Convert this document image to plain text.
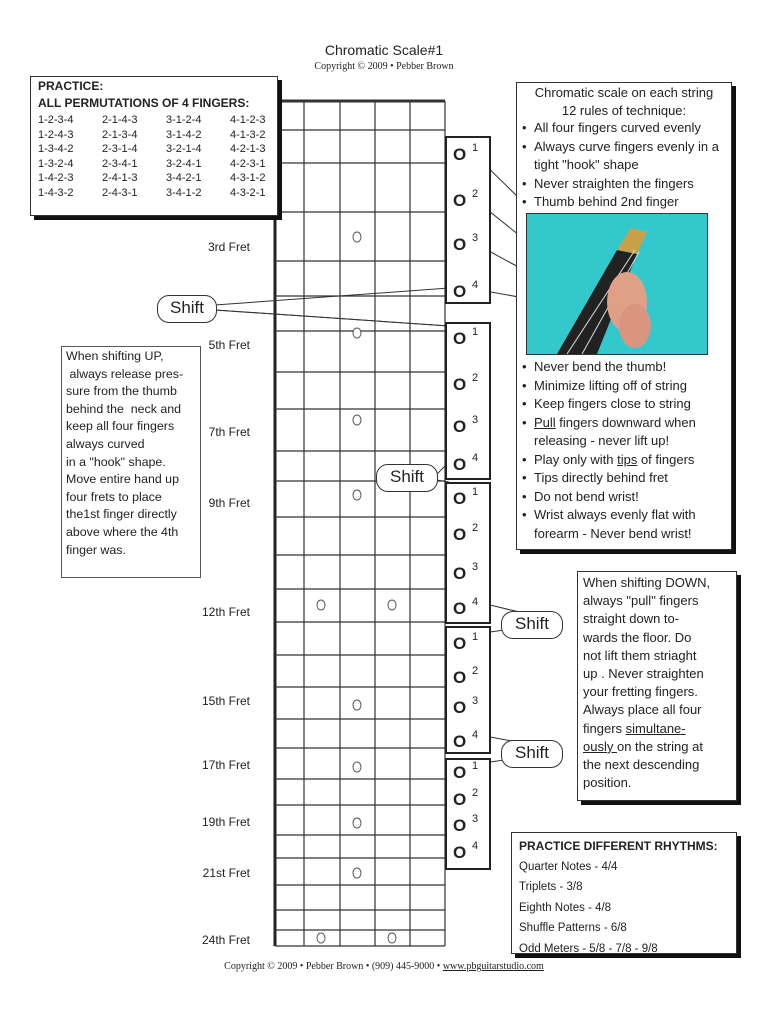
Chromatic Scale#1
Copyright © 2009 • Pebber Brown
3rd Fret
5th Fret
7th Fret
9th Fret
12th Fret
15th Fret
17th Fret
19th Fret
21st Fret
24th Fret
PRACTICE:
ALL PERMUTATIONS OF 4 FINGERS:
1-2-3-4	2-1-4-3	3-1-2-4	4-1-2-3
1-2-4-3	2-1-3-4	3-1-4-2	4-1-3-2
1-3-4-2	2-3-1-4	3-2-1-4	4-2-1-3
1-3-2-4	2-3-4-1	3-2-4-1	4-2-3-1
1-4-2-3	2-4-1-3	3-4-2-1	4-3-1-2
1-4-3-2	2-4-3-1	3-4-1-2	4-3-2-1
O 1
O 2
O 3
O 4
O 1
O 2
O 3
O 4
O 1
O 2
O 3
O 4
O 1
O 2
O 3
O 4
O 1
O 2
O 3
O 4
Shift
Shift
Shift
Shift
When shifting UP,
always release pres-
sure from the thumb
behind the  neck and
keep all four fingers
always curved
in a "hook" shape.
Move entire hand up
four frets to place
the1st finger directly
above where the 4th
finger was.
Chromatic scale on each string
12 rules of technique:
• All four fingers curved evenly
• Always curve fingers evenly in a tight "hook" shape
• Never straighten the fingers
• Thumb behind 2nd finger
• Never bend the thumb!
• Minimize lifting off of string
• Keep fingers close to string
• Pull fingers downward when releasing - never lift up!
• Play only with tips of fingers
• Tips directly behind fret
• Do not bend wrist!
• Wrist always evenly flat with forearm - Never bend wrist!
When shifting DOWN,
always "pull" fingers
straight down to-
wards the floor. Do
not lift them striaght
up . Never straighten
your fretting fingers.
Always place all four
fingers simultane-
ously on the string at
the next descending
position.
PRACTICE DIFFERENT RHYTHMS:
Quarter Notes - 4/4
Triplets - 3/8
Eighth Notes - 4/8
Shuffle Patterns - 6/8
Odd Meters - 5/8 - 7/8 - 9/8
Copyright © 2009 • Pebber Brown • (909) 445-9000 • www.pbguitarstudio.com
